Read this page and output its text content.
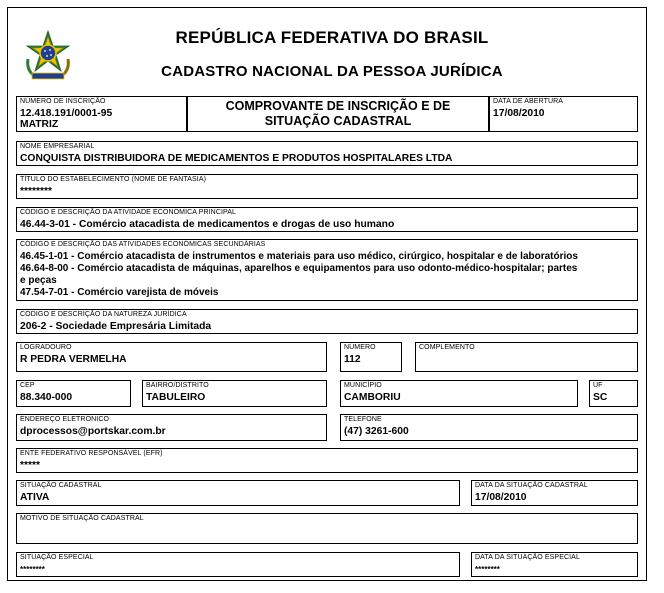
REPÚBLICA FEDERATIVA DO BRASIL
CADASTRO NACIONAL DA PESSOA JURÍDICA
NÚMERO DE INSCRIÇÃO
12.418.191/0001-95
MATRIZ
COMPROVANTE DE INSCRIÇÃO E DE
SITUAÇÃO CADASTRAL
DATA DE ABERTURA
17/08/2010
NOME EMPRESARIAL
CONQUISTA DISTRIBUIDORA DE MEDICAMENTOS E PRODUTOS HOSPITALARES LTDA
TÍTULO DO ESTABELECIMENTO (NOME DE FANTASIA)
********
CÓDIGO E DESCRIÇÃO DA ATIVIDADE ECONÔMICA PRINCIPAL
46.44-3-01 - Comércio atacadista de medicamentos e drogas de uso humano
CÓDIGO E DESCRIÇÃO DAS ATIVIDADES ECONÔMICAS SECUNDÁRIAS
46.45-1-01 - Comércio atacadista de instrumentos e materiais para uso médico, cirúrgico, hospitalar e de laboratórios
46.64-8-00 - Comércio atacadista de máquinas, aparelhos e equipamentos para uso odonto-médico-hospitalar; partes
e peças
47.54-7-01 - Comércio varejista de móveis
CÓDIGO E DESCRIÇÃO DA NATUREZA JURÍDICA
206-2 - Sociedade Empresária Limitada
LOGRADOURO
R PEDRA VERMELHA
NÚMERO
112
COMPLEMENTO
CEP
88.340-000
BAIRRO/DISTRITO
TABULEIRO
MUNICÍPIO
CAMBORIU
UF
SC
ENDEREÇO ELETRÔNICO
dprocessos@portskar.com.br
TELEFONE
(47) 3261-600
ENTE FEDERATIVO RESPONSÁVEL (EFR)
*****
SITUAÇÃO CADASTRAL
ATIVA
DATA DA SITUAÇÃO CADASTRAL
17/08/2010
MOTIVO DE SITUAÇÃO CADASTRAL
SITUAÇÃO ESPECIAL
********
DATA DA SITUAÇÃO ESPECIAL
********
